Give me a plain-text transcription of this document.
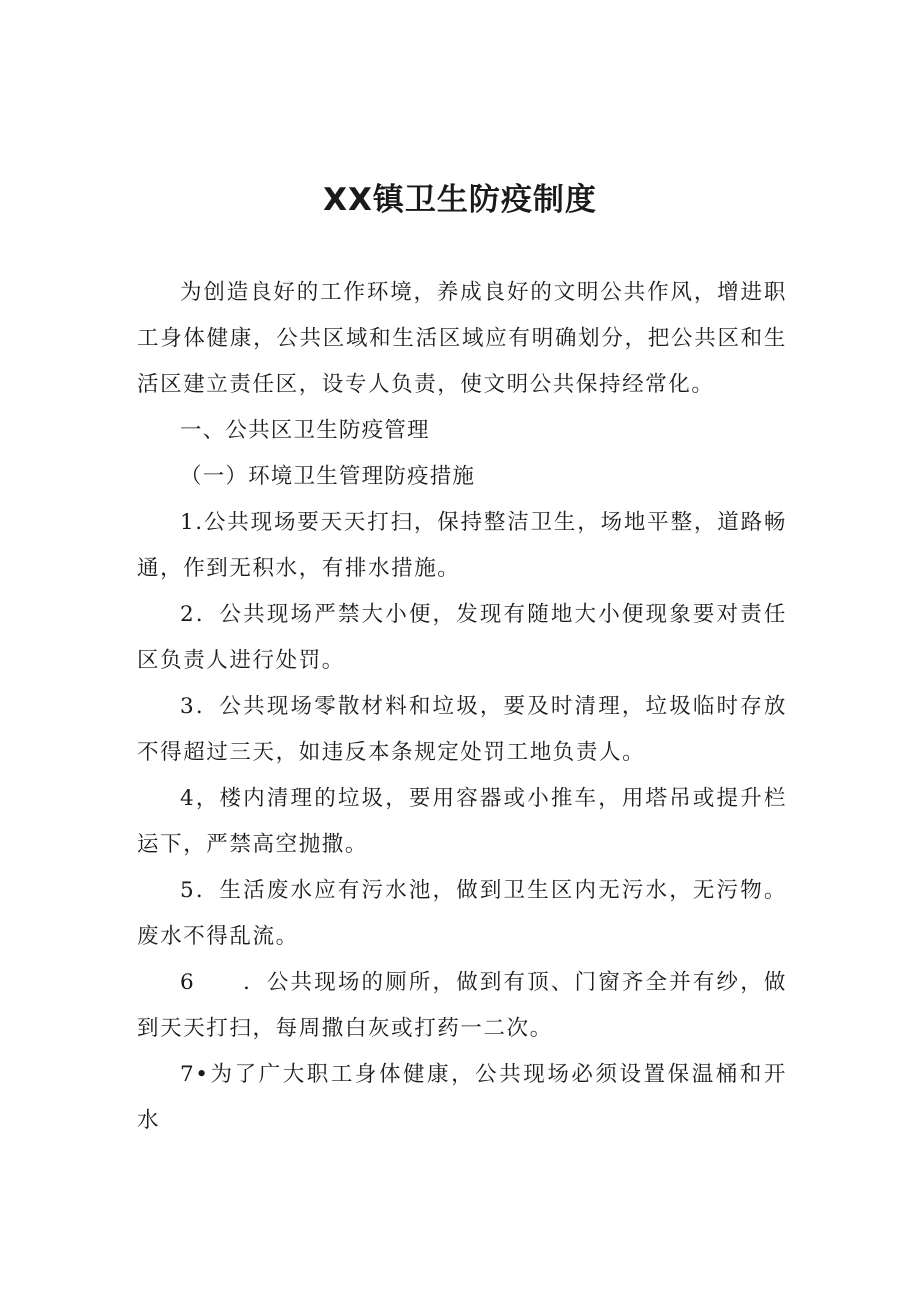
XX镇卫生防疫制度

为创造良好的工作环境，养成良好的文明公共作风，增进职工身体健康，公共区域和生活区域应有明确划分，把公共区和生活区建立责任区，设专人负责，使文明公共保持经常化。

一、公共区卫生防疫管理

（一）环境卫生管理防疫措施

1.公共现场要天天打扫，保持整洁卫生，场地平整，道路畅通，作到无积水，有排水措施。

2．公共现场严禁大小便，发现有随地大小便现象要对责任区负责人进行处罚。

3．公共现场零散材料和垃圾，要及时清理，垃圾临时存放不得超过三天，如违反本条规定处罚工地负责人。

4，楼内清理的垃圾，要用容器或小推车，用塔吊或提升栏运下，严禁高空抛撒。

5．生活废水应有污水池，做到卫生区内无污水，无污物。废水不得乱流。

6　　．公共现场的厕所，做到有顶、门窗齐全并有纱，做到天天打扫，每周撒白灰或打药一二次。

7•为了广大职工身体健康，公共现场必须设置保温桶和开水
